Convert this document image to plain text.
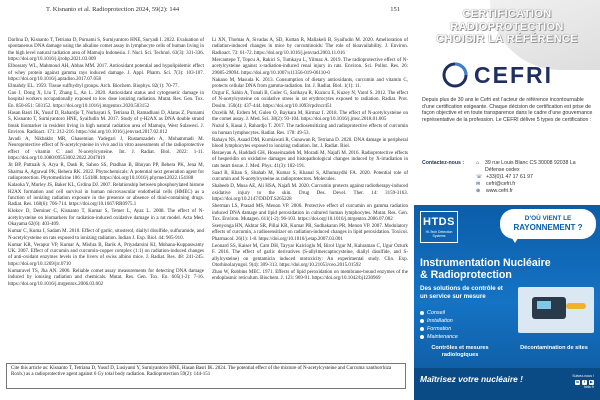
T. Kisnanto et al. Radioprotection 2024, 59(2): 144	151

Darlina D, Kisnanto T, Tetriana D, Purnami S, Surniyantoro HNE, Suryadi I. 2022. Evaluation of spontaneous DNA damage using the alkaline comet assay in lymphocyte cells of human living in the high level natural radiation area of Mamuju Indonesia. J. Nucl. Sci. Technol. 63(3): 331-336. https://doi.org/10.1016/j.ijrobp.2021.03.009

Elbossaty WL, Mahmoud AH, Abbas MM. 2017. Antioxidant potential and hypolipidemic effect of whey protein against gamma rays induced damage. J. Appl. Pharm. Sci. 7(3): 103-107. https://doi.org/10.1016/j.apradiso.2017.07.058

Elmahdy EL. 1959. Tissue sulfhydryl groups. Arch. Biochem. Biophys. 82(1): 70-77.

Gao J, Dong X, Liu T, Zhang L, An L. 2020. Antioxidant status and cytogenetic damage in hospital workers occupationally exposed to low dose ionizing radiation. Mutat. Res. Gen. Tox. En. 850-851: 503152. https://doi.org/10.1016/j.mrgentox.2020.503152

Hasan Basri IK, Yusuf D, Rahardjo T, Nurhayati S, Tetriana D, Ramadhani D, Alatas Z, Purnami S, Kisnanto T, Surniyantoro HNE, Syaifudin M. 2017. Study of γ-H2AX as DNA double strand break biomarker in resident living in high natural radiation area of Mamuju, West Sulawesi. J. Environ. Radioact. 171: 212-216. https://doi.org/10.1016/j.jenvrad.2017.02.012

Javadi A, Nikbakht MR, Ghasemian Yadegari J, Rustamzadeh A, Mohammadi M. Neuroprotective effect of N-acetylcysteine in vivo and in vitro assessments of the radioprotective effect of vitamin C and N-acetylcysteine. Int. J. Radiat. Biol. 2022: 1-11. https://doi.org/10.1080/09553002.2022.2047819

Jit BP, Pattnaik S, Arya R, Dash R, Sahoo SS, Pradhan B, Bhuyan PP, Behera PK, Jena M, Sharma A, Agrawal PK, Behera RK. 2022. Phytochemicals: A potential next generation agent for radioprotection. Phytomedicine 106: 154188. https://doi.org/10.1016/j.phymed.2022.154188

Kalaoka Y, Murley JS, Baker KL, Grdina DJ. 2007. Relationship between phosphorylated histone H2AX formation and cell survival in human microvascular endothelial cells (HMEC) as a function of ionizing radiation exposure in the presence or absence of thiol-containing drugs. Radiat. Res. 168(6): 706-714. https://doi.org/10.1667/RR0975.1

Klokov D, Deminer C, Kisnanto T, Kumar S, Temer L, Ayaz L. 2008. The effect of N-acetylcysteine on biomarkers for radiation-induced oxidative damage in a rat model. Acta Med. Okayama 62(6): 403-409.

Kumar C, Kuma I, Sadam M. 2010. Effect of garlic, sitosterol, diallyl disulfide, sulfuramide, and N-acetylcysteine on rats exposed to ionizing radiation. Indian J. Exp. Biol. 44: 905-910.

Kumar KR, Verapur VP, Kumar A, Mishra B, Barik A, Priyadarsini KI, Mohana-Kuppaswamy UK. 2007. Effect of curcumin and curcumin-copper complex (1:1) on radiation-induced changes of anti-oxidant enzymes levels in the livers of swiss albino mice. J. Radiat. Res. 48: 241-245. https://doi.org/10.1269/jrr.0710

Kumaravel TS, Jha AN. 2006. Reliable comet assay measurements for detecting DNA damage induced by ionising radiation and chemicals. Mutat. Res. Gen. Tox. En. 605(1-2): 7-16. https://doi.org/10.1016/j.mrgentox.2006.03.002

Li XN, Thomas A, Sivadas A, SD, Kuttan R, Mallakeli B, Syaifudin M. 2020. Amelioration of radiation-induced changes in mice by curcuminoids: The role of bioavailability. J. Environ. Radioact. 73: 61-72. https://doi.org/10.1016/j.jenvrad.2003.11.016

Mercantepe T, Topcu A, Rakici S, Tumkaya L, Yilmaz A. 2019. The radioprotective effect of N-acetylcysteine against x-radiation-induced renal injury in rats. Environ. Sci. Pollut. Res. 26: 29085-29094. https://doi.org/10.1007/s11356-019-06110-0

Nakano M, Masuda K. 2013. Consumption of dietary antioxidants, curcumin and vitamin C, protects cellular DNA from gamma-radiation. Int. J. Radiat. Biol. 1(1): 11.

Ozgur E, Sahin A, Tunali B, Gulec G, Sarikaya R, Kuzucu E, Kuzey N, Varol S. 2012. The effect of N-acetylcysteine on oxidative stress in rat erythrocytes exposed to radiation. Radiat. Prot. Dosim. 150(4): 437-444. https://doi.org/10.1093/rpd/ncr451

Ozcelik M, Erdem M, Gulen O, Baykara M, Kirmaz I. 2018. The effect of N-acetylcysteine on the comet assay. J. Med. Sci. 38(2): 93-104. https://doi.org/10.1016/j.jmsc.2018.01.005

Nuzul S, Kasai J, Rahardjo T. 2017. The radiosensitizing and radioprotective effects of curcumin on human lymphocytes. Radiat. Res. 178: 49-53.

Rahayu NS, Asaad DM, Kurniawati R, Gunawan R, Tetriana D. 2020. DNA damage in peripheral blood lymphocytes exposed to ionizing radiation. Int. J. Radiat. Biol.

Rezaeyan A, Haddadi GH, Hosseinzadeh M, Moradi M, Najafi M. 2016. Radioprotective effects of hesperidin on oxidative damages and histopathological changes induced by X-irradiation in rats heart tissue. J. Med. Phys. 41(3): 182-191.

Saad B, Khan S, Shahab M, Kumar S, Khanal S, Alhumaydhi FA. 2020. Potential role of curcumin and N-acetylcysteine as radioprotectors. Molecules.

Shabeeb D, Musa AE, Ali HSA, Najafi M. 2020. Curcumin protects against radiotherapy-induced oxidative injury to the skin. Drug Des. Devel. Ther. 14: 3159-3163. https://doi.org/10.2147/DDDT.S265228

Sherman LS, Prasad MS, Menon VP. 2006. Protective effect of curcumin on gamma radiation induced DNA damage and lipid peroxidation in cultured human lymphocytes. Mutat. Res. Gen. Tox. Environ. Mutagen. 611(1-2): 96-103. https://doi.org/10.1016/j.mrgentox.2006.07.002

Ssenyonga HN, Akhtar SR, Pillai KR, Kumar PR, Sudhakaran PR, Menon VP. 2007. Modulatory effects of curcumin, a radiosensitizer on radiation-induced changes in lipid peroxidation. Toxicol. Pharmacol. 26(1): 1-8. https://doi.org/10.1016/j.etap.2007.03.001

Leonard SS, Kaiser M, Cam DH, Tayyar Kalcioglu M, Birol Ugur M, Kahraman C, Ugur Ozturk F. 2016. The effect of garlic derivatives (S-allylmercaptocysteine, diallyl disulfide, and S-allylcysteine) on gentamicin induced ototoxicity: An experimental study. Clin. Exp. Otorhinolaryngol. 9(4): 309-313. https://doi.org/10.21053/ceo.2015.01592

Zhao W, Robbins MEC. 1971. Effects of lipid peroxidation on membrane-bound enzymes of the endoplasmic reticulum. Biochem. J. 123: 969-91. https://doi.org/10.1042/bj1230969

Cite this article as: Kisnanto T, Tetriana D, Yusuf D, Lusiyanti Y, Surniyantoro HNE, Hasan Basri IK. 2024. The potential effect of the mixture of N-acetylcysteine and Curcuma xanthorrhiza Roxb.) as a radioprotective agent against 6 Gy total body radiation. Radioprotection 59(2): 144-151
CERTIFICATION
RADIOPROTECTION
CHOISIR LA RÉFÉRENCE
CEFRI
Depuis plus de 30 ans le Cefri est l’acteur de référence incontournable d’une certification exigeante. Chaque décision de certification est prise de façon objective et en toute transparence dans le cadre d’une gouvernance représentative de la profession. Le CEFRI délivre 5 types de certification :
Contactez-nous :	⌂	39 rue Louis Blanc CS 30008 92038 La Défense cedex
☏ +33(0)1 47 17 61 97
✉	cefri@cefri.fr
⊕	www.cefri.fr
HTDS
Hi-Tech Detection Systems
D’OÙ VIENT LE
RAYONNEMENT ?
Instrumentation Nucléaire
& Radioprotection
Des solutions de contrôle et un service sur mesure
Conseil
Installation
Formation
Maintenance
Contrôles et mesures radiologiques
Décontamination de sites
Maîtrisez votre nucléaire !	Suivez-nous !
in	f	▶
htds.fr
